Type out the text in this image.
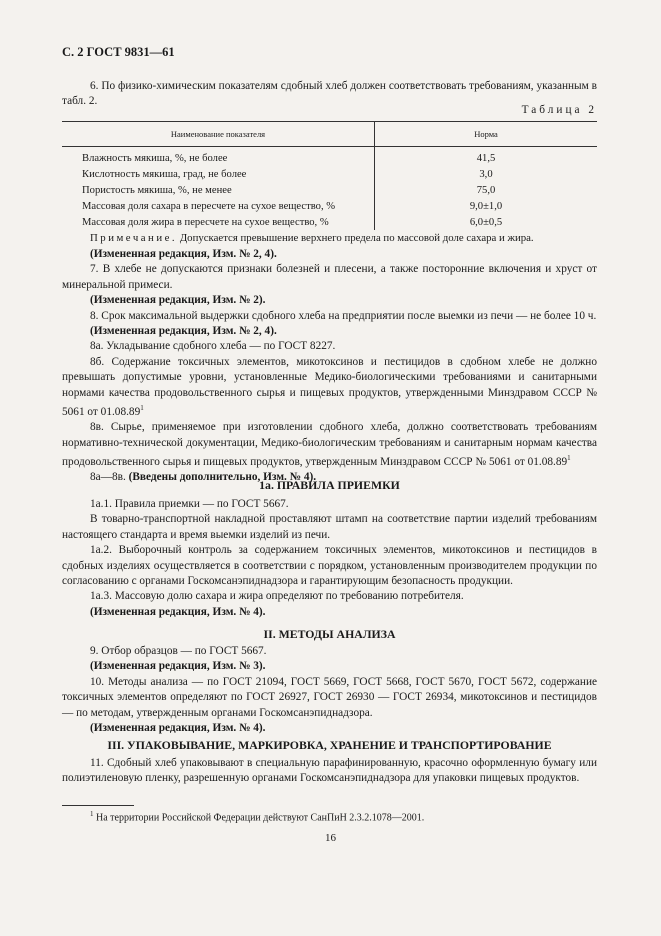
С. 2 ГОСТ 9831—61
6. По физико-химическим показателям сдобный хлеб должен соответствовать требованиям, указанным в табл. 2.
Таблица 2
Наименование показателя	Норма

Влажность мякиша, %, не более	41,5
Кислотность мякиша, град, не более	3,0
Пористость мякиша, %, не менее	75,0
Массовая доля сахара в пересчете на сухое вещество, %	9,0±1,0
Массовая доля жира в пересчете на сухое вещество, %	6,0±0,5
Примечание. Допускается превышение верхнего предела по массовой доле сахара и жира.

(Измененная редакция, Изм. № 2, 4).

7. В хлебе не допускаются признаки болезней и плесени, а также посторонние включения и хруст от минеральной примеси.

(Измененная редакция, Изм. № 2).

8. Срок максимальной выдержки сдобного хлеба на предприятии после выемки из печи — не более 10 ч.

(Измененная редакция, Изм. № 2, 4).

8а. Укладывание сдобного хлеба — по ГОСТ 8227.

8б. Содержание токсичных элементов, микотоксинов и пестицидов в сдобном хлебе не должно превышать допустимые уровни, установленные Медико-биологическими требованиями и санитарными нормами качества продовольственного сырья и пищевых продуктов, утвержденными Минздравом СССР № 5061 от 01.08.89$^1$

8в. Сырье, применяемое при изготовлении сдобного хлеба, должно соответствовать требованиям нормативно-технической документации, Медико-биологическим требованиям и санитарным нормам качества продовольственного сырья и пищевых продуктов, утвержденным Минздравом СССР № 5061 от 01.08.89$^1$

8а—8в. (Введены дополнительно, Изм. № 4).

1а. ПРАВИЛА ПРИЕМКИ

1а.1. Правила приемки — по ГОСТ 5667.

В товарно-транспортной накладной проставляют штамп на соответствие партии изделий требованиям настоящего стандарта и время выемки изделий из печи.

1а.2. Выборочный контроль за содержанием токсичных элементов, микотоксинов и пестицидов в сдобных изделиях осуществляется в соответствии с порядком, установленным производителем продукции по согласованию с органами Госкомсанэпиднадзора и гарантирующим безопасность продукции.

1а.3. Массовую долю сахара и жира определяют по требованию потребителя.

(Измененная редакция, Изм. № 4).

II. МЕТОДЫ АНАЛИЗА

9. Отбор образцов — по ГОСТ 5667.

(Измененная редакция, Изм. № 3).

10. Методы анализа — по ГОСТ 21094, ГОСТ 5669, ГОСТ 5668, ГОСТ 5670, ГОСТ 5672, содержание токсичных элементов определяют по ГОСТ 26927, ГОСТ 26930 — ГОСТ 26934, микотоксинов и пестицидов — по методам, утвержденным органами Госкомсанэпиднадзора.

(Измененная редакция, Изм. № 4).

III. УПАКОВЫВАНИЕ, МАРКИРОВКА, ХРАНЕНИЕ И ТРАНСПОРТИРОВАНИЕ
11. Сдобный хлеб упаковывают в специальную парафинированную, красочно оформленную бумагу или полиэтиленовую пленку, разрешенную органами Госкомсанэпиднадзора для упаковки пищевых продуктов.
$^1$ На территории Российской Федерации действуют СанПиН 2.3.2.1078—2001.
16
